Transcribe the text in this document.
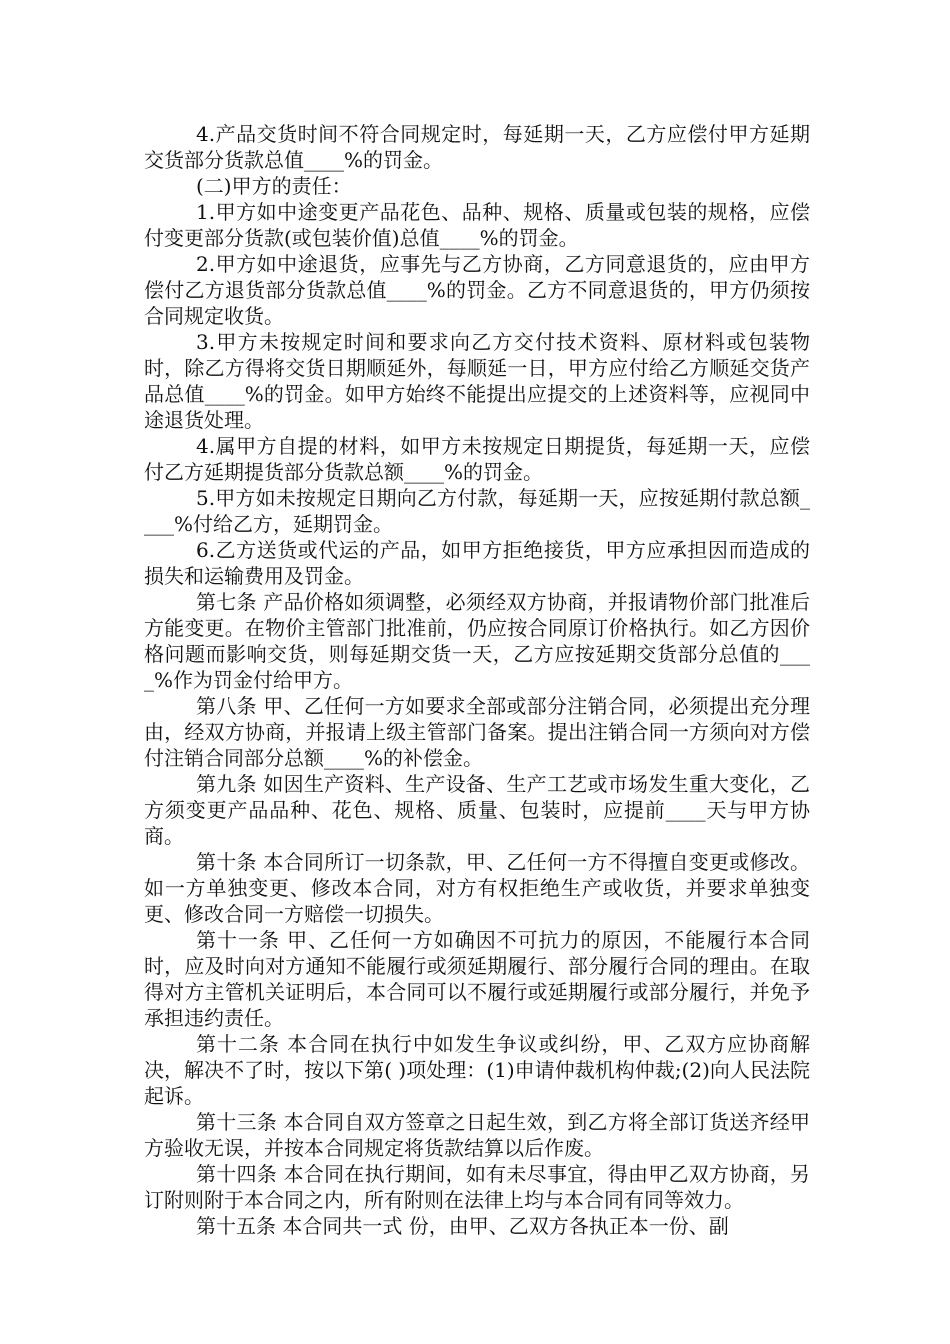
4.产品交货时间不符合同规定时，每延期一天，乙方应偿付甲方延期交货部分货款总值____%的罚金。

(二)甲方的责任：

1.甲方如中途变更产品花色、品种、规格、质量或包装的规格，应偿付变更部分货款(或包装价值)总值____%的罚金。

2.甲方如中途退货，应事先与乙方协商，乙方同意退货的，应由甲方偿付乙方退货部分货款总值____%的罚金。乙方不同意退货的，甲方仍须按合同规定收货。

3.甲方未按规定时间和要求向乙方交付技术资料、原材料或包装物时，除乙方得将交货日期顺延外，每顺延一日，甲方应付给乙方顺延交货产品总值____%的罚金。如甲方始终不能提出应提交的上述资料等，应视同中途退货处理。

4.属甲方自提的材料，如甲方未按规定日期提货，每延期一天，应偿付乙方延期提货部分货款总额____%的罚金。

5.甲方如未按规定日期向乙方付款，每延期一天，应按延期付款总额____%付给乙方，延期罚金。

6.乙方送货或代运的产品，如甲方拒绝接货，甲方应承担因而造成的损失和运输费用及罚金。

第七条 产品价格如须调整，必须经双方协商，并报请物价部门批准后方能变更。在物价主管部门批准前，仍应按合同原订价格执行。如乙方因价格问题而影响交货，则每延期交货一天，乙方应按延期交货部分总值的____%作为罚金付给甲方。

第八条 甲、乙任何一方如要求全部或部分注销合同，必须提出充分理由，经双方协商，并报请上级主管部门备案。提出注销合同一方须向对方偿付注销合同部分总额____%的补偿金。

第九条 如因生产资料、生产设备、生产工艺或市场发生重大变化，乙方须变更产品品种、花色、规格、质量、包装时，应提前____天与甲方协商。

第十条 本合同所订一切条款，甲、乙任何一方不得擅自变更或修改。如一方单独变更、修改本合同，对方有权拒绝生产或收货，并要求单独变更、修改合同一方赔偿一切损失。

第十一条 甲、乙任何一方如确因不可抗力的原因，不能履行本合同时，应及时向对方通知不能履行或须延期履行、部分履行合同的理由。在取得对方主管机关证明后，本合同可以不履行或延期履行或部分履行，并免予承担违约责任。

第十二条 本合同在执行中如发生争议或纠纷，甲、乙双方应协商解决，解决不了时，按以下第( )项处理：(1)申请仲裁机构仲裁;(2)向人民法院起诉。

第十三条 本合同自双方签章之日起生效，到乙方将全部订货送齐经甲方验收无误，并按本合同规定将货款结算以后作废。

第十四条 本合同在执行期间，如有未尽事宜，得由甲乙双方协商，另订附则附于本合同之内，所有附则在法律上均与本合同有同等效力。

第十五条 本合同共一式 份，由甲、乙双方各执正本一份、副
